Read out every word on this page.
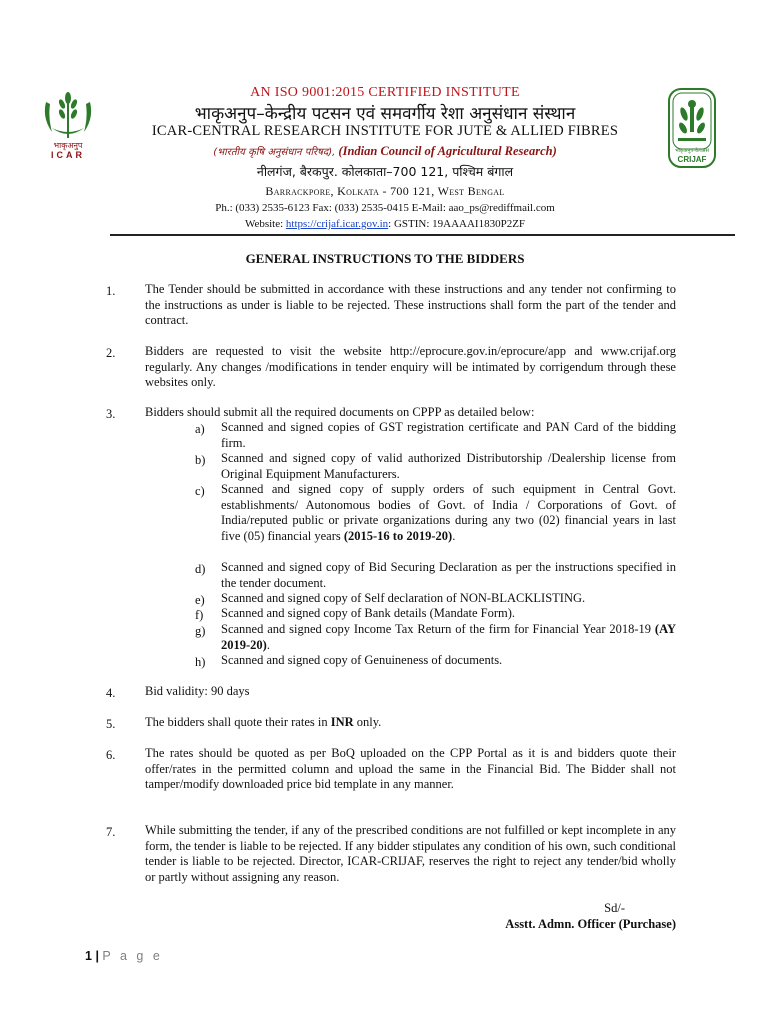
भाकृअनुप
ICAR	भाकृअनुप-केपअसं
CRIJAF
AN ISO 9001:2015 CERTIFIED INSTITUTE
भाकृअनुप–केन्द्रीय पटसन एवं समवर्गीय रेशा अनुसंधान संस्थान
ICAR-CENTRAL RESEARCH INSTITUTE FOR JUTE & ALLIED FIBRES
(भारतीय कृषि अनुसंधान परिषद), (Indian Council of Agricultural Research)
नीलगंज, बैरकपुर. कोलकाता–700 121, पश्चिम बंगाल
Barrackpore, Kolkata - 700 121, West Bengal
Ph.: (033) 2535-6123 Fax: (033) 2535-0415 E-Mail: aao_ps@rediffmail.com
Website: https://crijaf.icar.gov.in: GSTIN: 19AAAAI1830P2ZF
GENERAL INSTRUCTIONS TO THE BIDDERS
1. The Tender should be submitted in accordance with these instructions and any tender not confirming to the instructions as under is liable to be rejected. These instructions shall form the part of the tender and contract.
2. Bidders are requested to visit the website http://eprocure.gov.in/eprocure/app and www.crijaf.org regularly. Any changes /modifications in tender enquiry will be intimated by corrigendum through these websites only.
3. Bidders should submit all the required documents on CPPP as detailed below:
a)	Scanned and signed copies of GST registration certificate and PAN Card of the bidding firm.
b)	Scanned and signed copy of valid authorized Distributorship /Dealership license from Original Equipment Manufacturers.
c)	Scanned and signed copy of supply orders of such equipment in Central Govt. establishments/ Autonomous bodies of Govt. of India / Corporations of Govt. of India/reputed public or private organizations during any two (02) financial years in last five (05) financial years (2015-16 to 2019-20).
d)	Scanned and signed copy of Bid Securing Declaration as per the instructions specified in the tender document.
e)	Scanned and signed copy of Self declaration of NON-BLACKLISTING.
f)	Scanned and signed copy of Bank details (Mandate Form).
g)	Scanned and signed copy Income Tax Return of the firm for Financial Year 2018-19 (AY 2019-20).
h)	Scanned and signed copy of Genuineness of documents.
4. Bid validity: 90 days
5. The bidders shall quote their rates in INR only.
6. The rates should be quoted as per BoQ uploaded on the CPP Portal as it is and bidders quote their offer/rates in the permitted column and upload the same in the Financial Bid. The Bidder shall not tamper/modify downloaded price bid template in any manner.
7. While submitting the tender, if any of the prescribed conditions are not fulfilled or kept incomplete in any form, the tender is liable to be rejected. If any bidder stipulates any condition of his own, such conditional tender is liable to be rejected. Director, ICAR-CRIJAF, reserves the right to reject any tender/bid wholly or partly without assigning any reason.
Sd/-
Asstt. Admn. Officer (Purchase)
1 | P a g e
